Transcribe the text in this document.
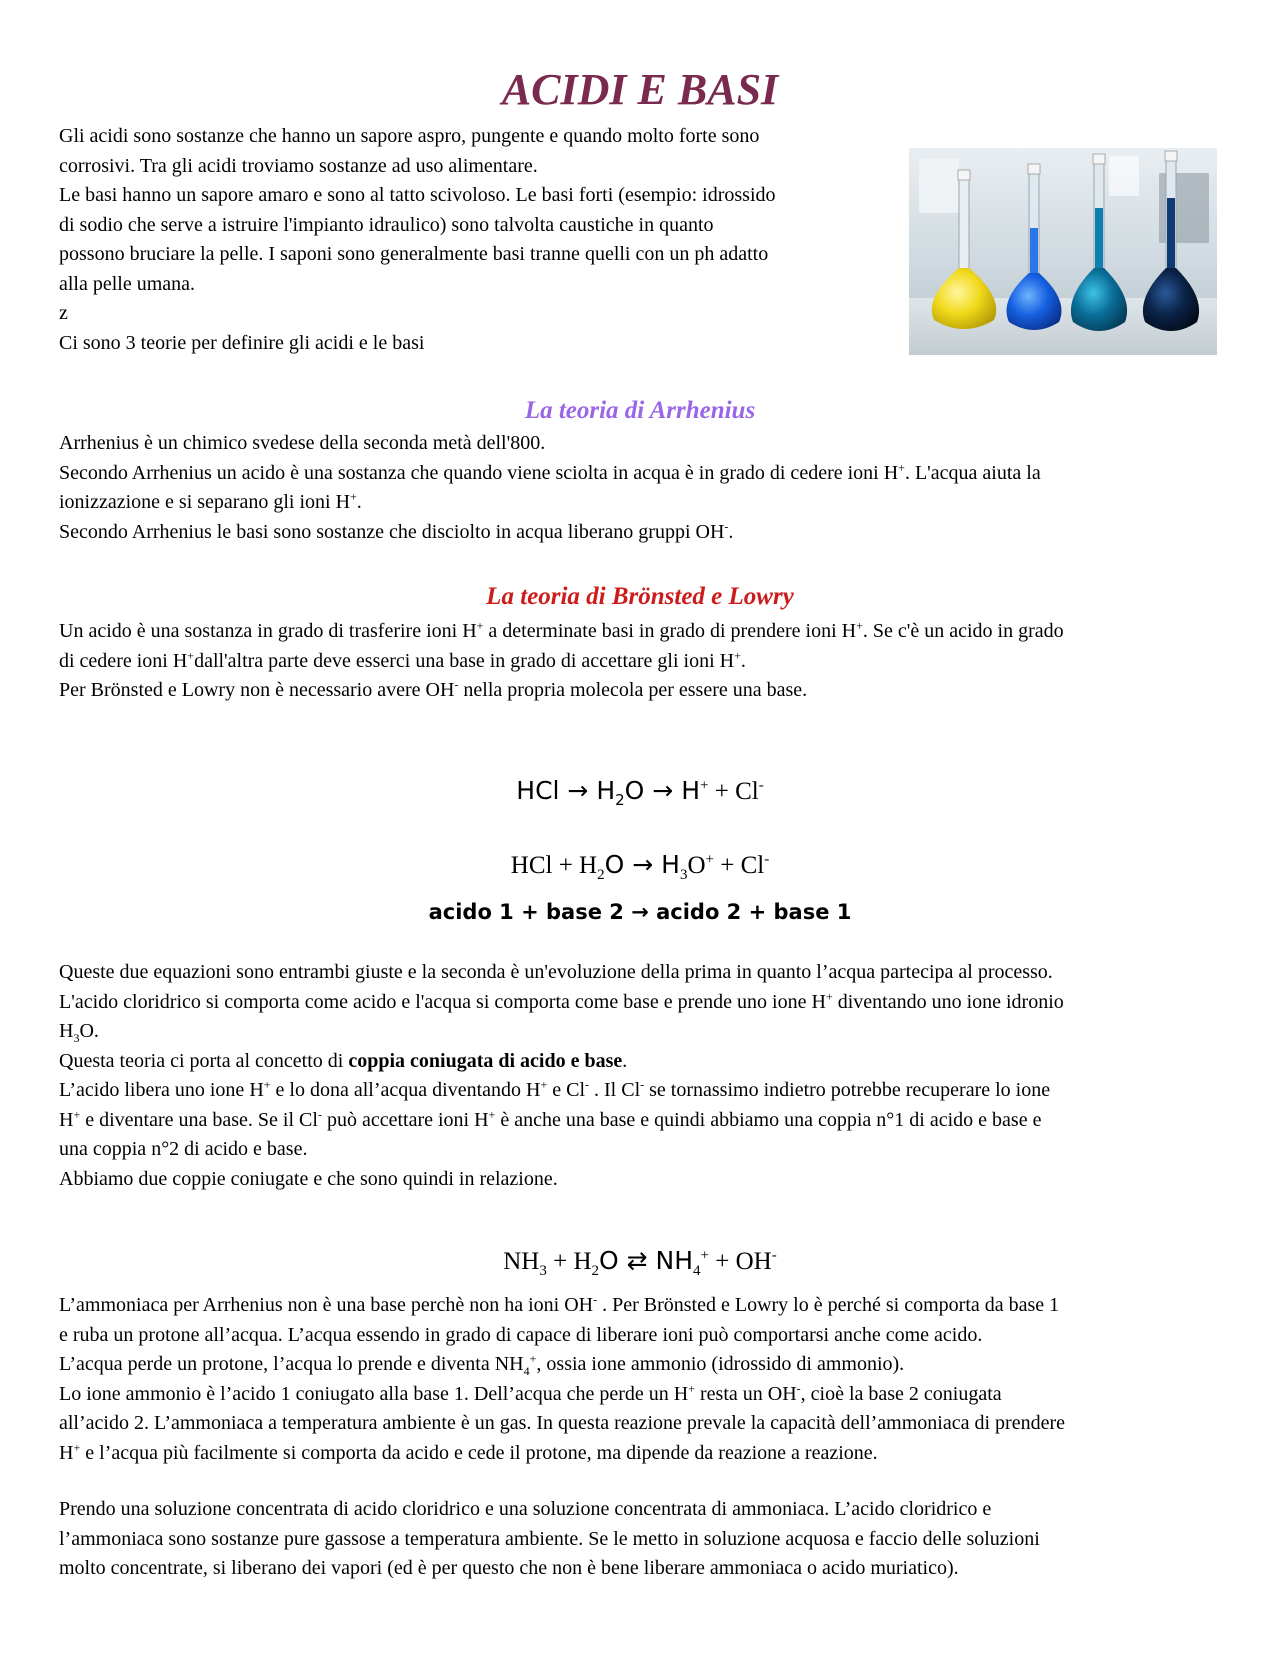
ACIDI E BASI
Gli acidi sono sostanze che hanno un sapore aspro, pungente e quando molto forte sono
corrosivi. Tra gli acidi troviamo sostanze ad uso alimentare.
Le basi hanno un sapore amaro e sono al tatto scivoloso. Le basi forti (esempio: idrossido
di sodio che serve a istruire l'impianto idraulico) sono talvolta caustiche in quanto
possono bruciare la pelle. I saponi sono generalmente basi tranne quelli con un ph adatto
alla pelle umana.
z
Ci sono 3 teorie per definire gli acidi e le basi
La teoria di Arrhenius
Arrhenius è un chimico svedese della seconda metà dell'800.
Secondo Arrhenius un acido è una sostanza che quando viene sciolta in acqua è in grado di cedere ioni H+. L'acqua aiuta la
ionizzazione e si separano gli ioni H+.
Secondo Arrhenius le basi sono sostanze che disciolto in acqua liberano gruppi OH-.
La teoria di Brönsted e Lowry
Un acido è una sostanza in grado di trasferire ioni H+ a determinate basi in grado di prendere ioni H+. Se c'è un acido in grado
di cedere ioni H+dall'altra parte deve esserci una base in grado di accettare gli ioni H+.
Per Brönsted e Lowry non è necessario avere OH- nella propria molecola per essere una base.

HCl → $H_2O \to H^+ + Cl^-$

HCl + $H_2O \to H_3O^+ + Cl^-$

acido 1 + base 2 → acido 2 + base 1

Queste due equazioni sono entrambi giuste e la seconda è un'evoluzione della prima in quanto l’acqua partecipa al processo.
L'acido cloridrico si comporta come acido e l'acqua si comporta come base e prende uno ione H+ diventando uno ione idronio
$H_3O$.
Questa teoria ci porta al concetto di coppia coniugata di acido e base.
L’acido libera uno ione H+ e lo dona all’acqua diventando H+ e Cl- . Il Cl- se tornassimo indietro potrebbe recuperare lo ione
H+ e diventare una base. Se il Cl- può accettare ioni H+ è anche una base e quindi abbiamo una coppia n°1 di acido e base e
una coppia n°2 di acido e base.
Abbiamo due coppie coniugate e che sono quindi in relazione.

$NH_3 + H_2O$ ⇄ $NH_4^+ + OH^-$

L’ammoniaca per Arrhenius non è una base perchè non ha ioni OH- . Per Brönsted e Lowry lo è perché si comporta da base 1
e ruba un protone all’acqua. L’acqua essendo in grado di capace di liberare ioni può comportarsi anche come acido.
L’acqua perde un protone, l’acqua lo prende e diventa $NH_4^+$, ossia ione ammonio (idrossido di ammonio).
Lo ione ammonio è l’acido 1 coniugato alla base 1. Dell’acqua che perde un H+ resta un OH-, cioè la base 2 coniugata
all’acido 2. L’ammoniaca a temperatura ambiente è un gas. In questa reazione prevale la capacità dell’ammoniaca di prendere
H+ e l’acqua più facilmente si comporta da acido e cede il protone, ma dipende da reazione a reazione.
Prendo una soluzione concentrata di acido cloridrico e una soluzione concentrata di ammoniaca. L’acido cloridrico e
l’ammoniaca sono sostanze pure gassose a temperatura ambiente. Se le metto in soluzione acquosa e faccio delle soluzioni
molto concentrate, si liberano dei vapori (ed è per questo che non è bene liberare ammoniaca o acido muriatico).
